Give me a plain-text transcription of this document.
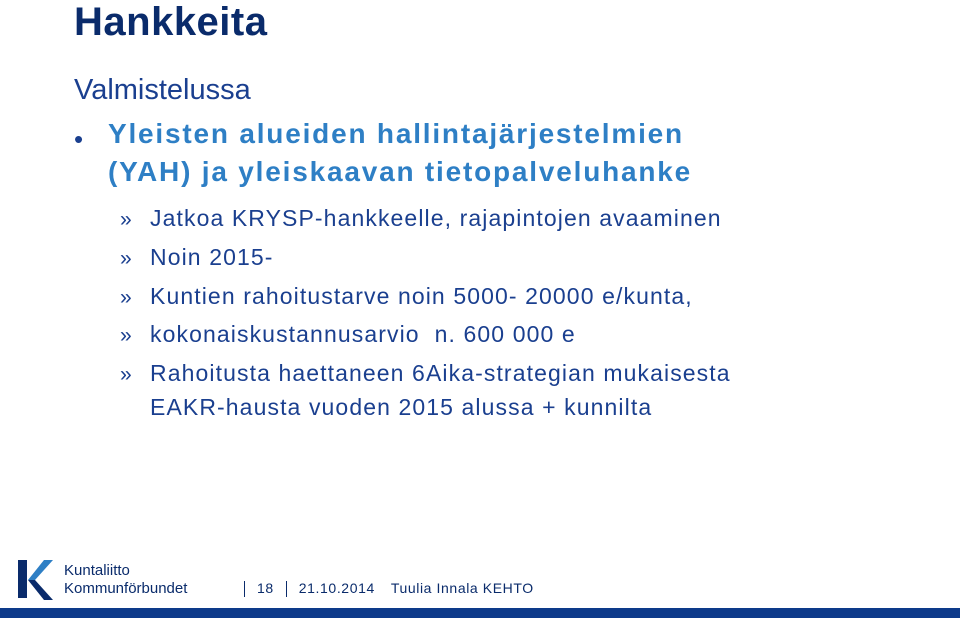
Hankkeita
Valmistelussa
• Yleisten alueiden hallintajärjestelmien
(YAH) ja yleiskaavan tietopalveluhanke
» Jatkoa KRYSP-hankkeelle, rajapintojen avaaminen
» Noin 2015-
» Kuntien rahoitustarve noin 5000- 20000 e/kunta,
» kokonaiskustannusarvio  n. 600 000 e
» Rahoitusta haettaneen 6Aika-strategian mukaisesta
EAKR-hausta vuoden 2015 alussa + kunnilta
Kuntaliitto
Kommunförbundet	18 21.10.2014 Tuulia Innala KEHTO
